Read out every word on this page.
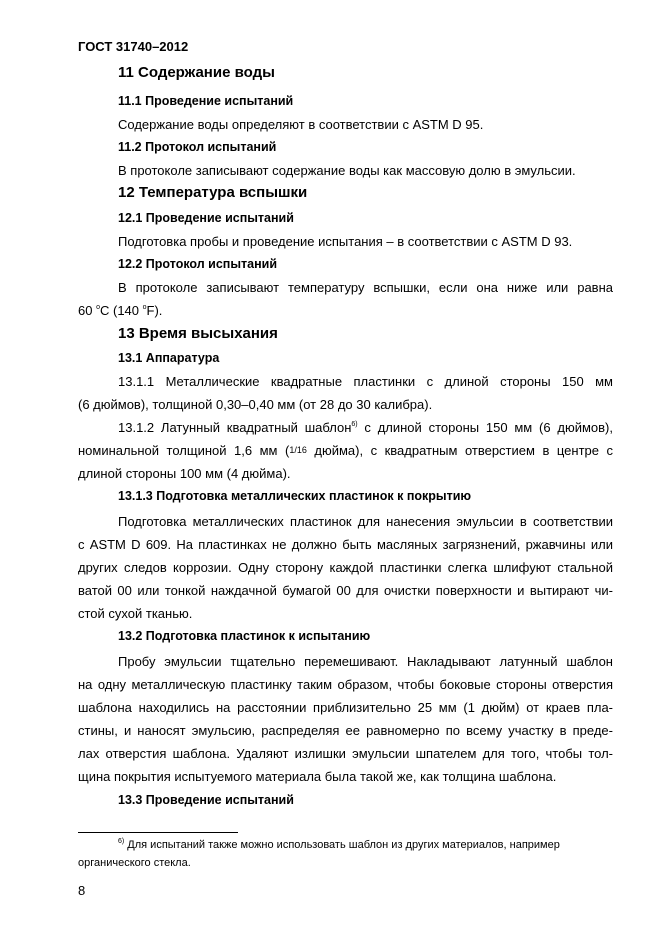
ГОСТ 31740–2012
11 Содержание воды
11.1 Проведение испытаний
Содержание воды определяют в соответствии с ASTM D 95.
11.2 Протокол испытаний
В протоколе записывают содержание воды как массовую долю в эмульсии.
12 Температура вспышки
12.1 Проведение испытаний
Подготовка пробы и проведение испытания – в соответствии с ASTM D 93.
12.2 Протокол испытаний
В протоколе записывают температуру вспышки, если она ниже или равна
60 $^o$C (140 $^o$F).
13 Время высыхания
13.1 Аппаратура
13.1.1 Металлические квадратные пластинки с длиной стороны 150 мм
(6 дюймов), толщиной 0,30–0,40 мм (от 28 до 30 калибра).
13.1.2 Латунный квадратный шаблон$^{6)}$ с длиной стороны 150 мм (6 дюймов),
номинальной толщиной 1,6 мм (1/16 дюйма), с квадратным отверстием в центре с
длиной стороны 100 мм (4 дюйма).
13.1.3 Подготовка металлических пластинок к покрытию
Подготовка металлических пластинок для нанесения эмульсии в соответствии
с ASTM D 609. На пластинках не должно быть масляных загрязнений, ржавчины или
других следов коррозии. Одну сторону каждой пластинки слегка шлифуют стальной
ватой 00 или тонкой наждачной бумагой 00 для очистки поверхности и вытирают чи-
стой сухой тканью.
13.2 Подготовка пластинок к испытанию
Пробу эмульсии тщательно перемешивают. Накладывают латунный шаблон
на одну металлическую пластинку таким образом, чтобы боковые стороны отверстия
шаблона находились на расстоянии приблизительно 25 мм (1 дюйм) от краев пла-
стины, и наносят эмульсию, распределяя ее равномерно по всему участку в преде-
лах отверстия шаблона. Удаляют излишки эмульсии шпателем для того, чтобы тол-
щина покрытия испытуемого материала была такой же, как толщина шаблона.
13.3 Проведение испытаний
$^{6)}$ Для испытаний также можно использовать шаблон из других материалов, например
органического стекла.
8
